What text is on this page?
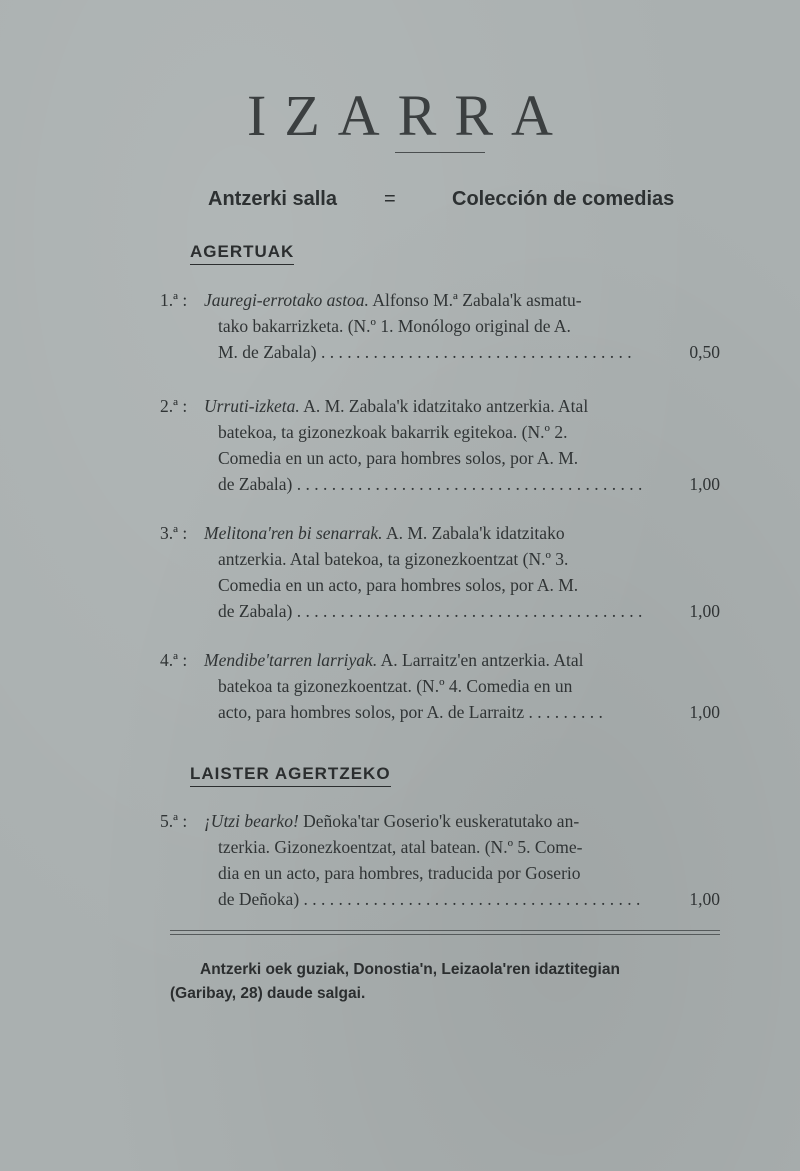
IZARRA
Antzerki salla =	Colección de comedias
AGERTUAK
1.ª : Jauregi-errotako astoa. Alfonso M.ª Zabala'k asmatu-
tako bakarrizketa. (N.º 1. Monólogo original de A.
M. de Zabala) . . . . . . . . . . . . . . . . . . . . . . . . . . . . . . . . . . . .	0,50
2.ª : Urruti-izketa. A. M. Zabala'k idatzitako antzerkia. Atal
batekoa, ta gizonezkoak bakarrik egitekoa. (N.º 2.
Comedia en un acto, para hombres solos, por A. M.
de Zabala) . . . . . . . . . . . . . . . . . . . . . . . . . . . . . . . . . . . . . . . .	1,00
3.ª : Melitona'ren bi senarrak. A. M. Zabala'k idatzitako
antzerkia. Atal batekoa, ta gizonezkoentzat (N.º 3.
Comedia en un acto, para hombres solos, por A. M.
de Zabala) . . . . . . . . . . . . . . . . . . . . . . . . . . . . . . . . . . . . . . . .	1,00
4.ª : Mendibe'tarren larriyak. A. Larraitz'en antzerkia. Atal
batekoa ta gizonezkoentzat. (N.º 4. Comedia en un
acto, para hombres solos, por A. de Larraitz . . . . . . . . .	1,00
LAISTER AGERTZEKO
5.ª : ¡Utzi bearko! Deñoka'tar Goserio'k euskeratutako an-
tzerkia. Gizonezkoentzat, atal batean. (N.º 5. Come-
dia en un acto, para hombres, traducida por Goserio
de Deñoka) . . . . . . . . . . . . . . . . . . . . . . . . . . . . . . . . . . . . . . .	1,00
Antzerki oek guziak, Donostia'n, Leizaola'ren idaztitegian
(Garibay, 28) daude salgai.
